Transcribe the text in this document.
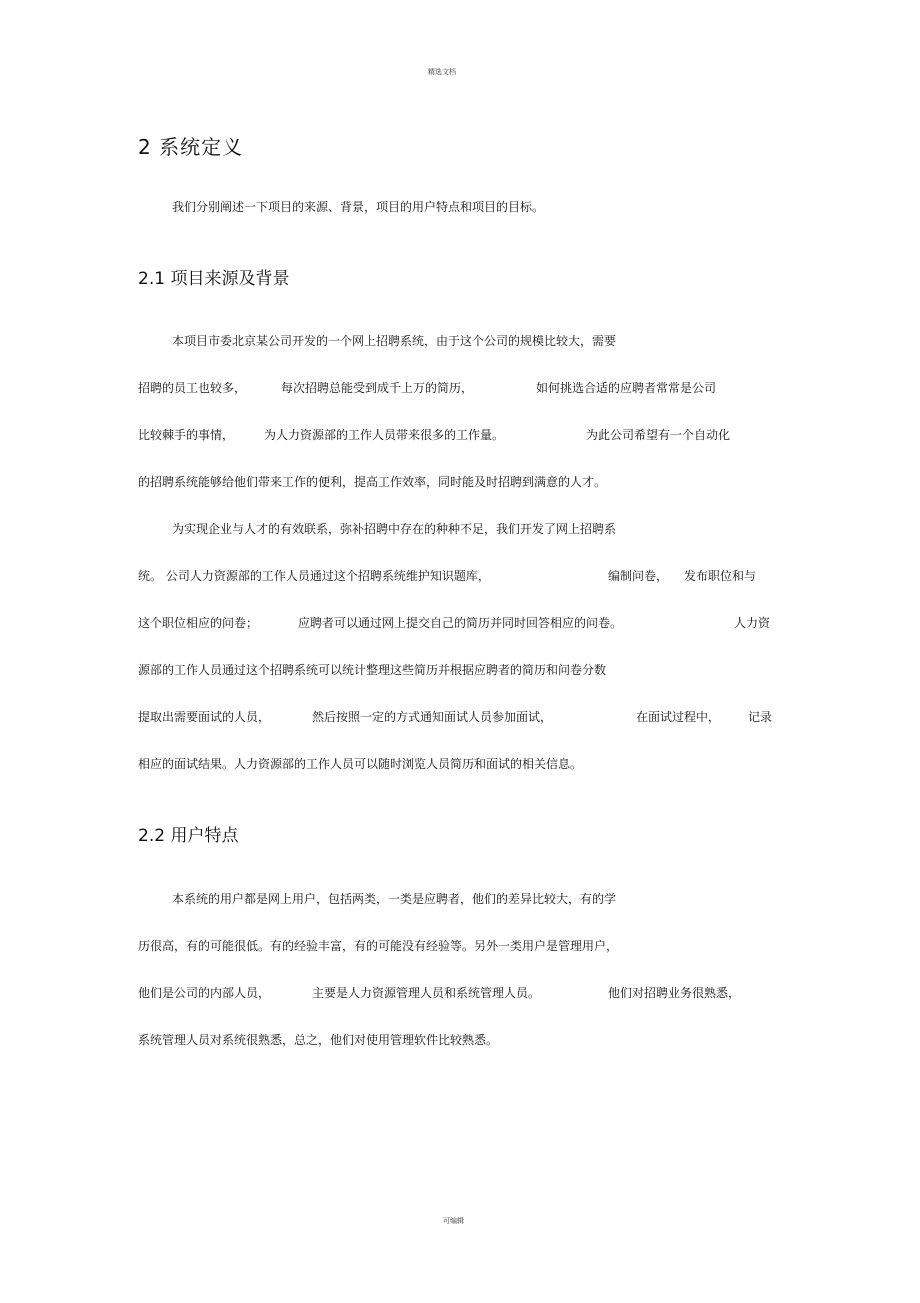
精选文档
2 系统定义
我们分别阐述一下项目的来源、背景，项目的用户特点和项目的目标。
2.1 项目来源及背景
本项目市委北京某公司开发的一个网上招聘系统，由于这个公司的规模比较大，需要
招聘的员工也较多，	每次招聘总能受到成千上万的简历，	如何挑选合适的应聘者常常是公司
比较棘手的事情， 为人力资源部的工作人员带来很多的工作量。	为此公司希望有一个自动化
的招聘系统能够给他们带来工作的便利，提高工作效率，同时能及时招聘到满意的人才。
为实现企业与人才的有效联系，弥补招聘中存在的种种不足，我们开发了网上招聘系
统。 公司人力资源部的工作人员通过这个招聘系统维护知识题库，	编制问卷， 发布职位和与
这个职位相应的问卷；	应聘者可以通过网上提交自己的简历并同时回答相应的问卷。	人力资
源部的工作人员通过这个招聘系统可以统计整理这些简历并根据应聘者的简历和问卷分数
提取出需要面试的人员，	然后按照一定的方式通知面试人员参加面试，	在面试过程中， 记录
相应的面试结果。人力资源部的工作人员可以随时浏览人员简历和面试的相关信息。
2.2 用户特点
本系统的用户都是网上用户，包括两类，一类是应聘者，他们的差异比较大，有的学
历很高，有的可能很低。有的经验丰富，有的可能没有经验等。另外一类用户是管理用户，
他们是公司的内部人员，	主要是人力资源管理人员和系统管理人员。	他们对招聘业务很熟悉，
系统管理人员对系统很熟悉，总之，他们对使用管理软件比较熟悉。
可编辑
